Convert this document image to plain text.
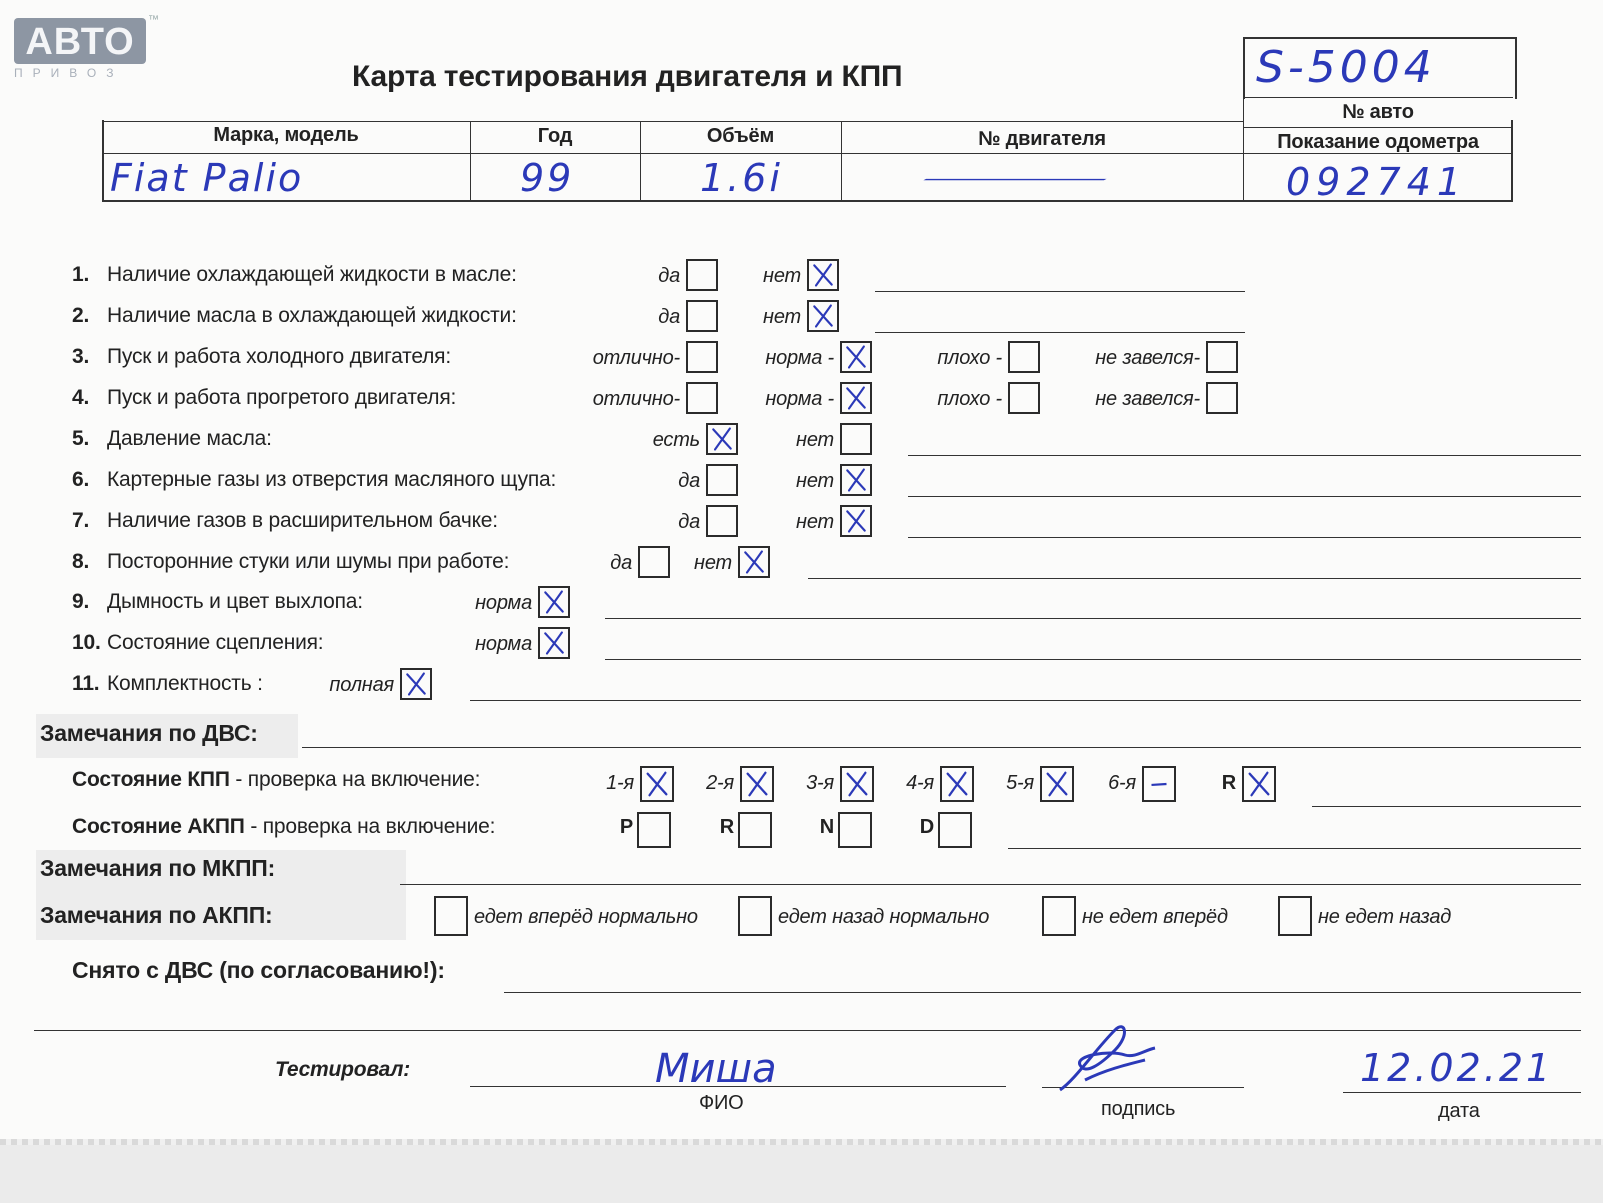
АВТО
™
ПРИВОЗ	Карта тестирования двигателя и КПП	S-5004
№ авто
Марка, модель	Год	Объём	№ двигателя	Показание одометра
Fiat Palio	99	1.6i	—	092741
1. Наличие охлаждающей жидкости в масле:	да	нет
2. Наличие масла в охлаждающей жидкости:	да	нет
3. Пуск и работа холодного двигателя:	отлично-	норма -	плохо -	не завелся-
4. Пуск и работа прогретого двигателя:	отлично-	норма -	плохо -	не завелся-
5. Давление масла:	есть	нет
6. Картерные газы из отверстия масляного щупа:	да	нет
7. Наличие газов в расширительном бачке:	да	нет
8. Посторонние стуки или шумы при работе:	да	нет
9. Дымность и цвет выхлопа:	норма
10. Состояние сцепления:	норма
11. Комплектность :	полная
Замечания по ДВС:
Состояние КПП - проверка на включение:	1-я	2-я	3-я	4-я	5-я	6-я	R
Состояние АКПП - проверка на включение:	P	R	N	D
Замечания по МКПП:
Замечания по АКПП:	едет вперёд нормально	едет назад нормально	не едет вперёд	не едет назад
Снято с ДВС (по согласованию!):
Тестировал:	Миша
ФИО	подпись
12.02.21
дата
